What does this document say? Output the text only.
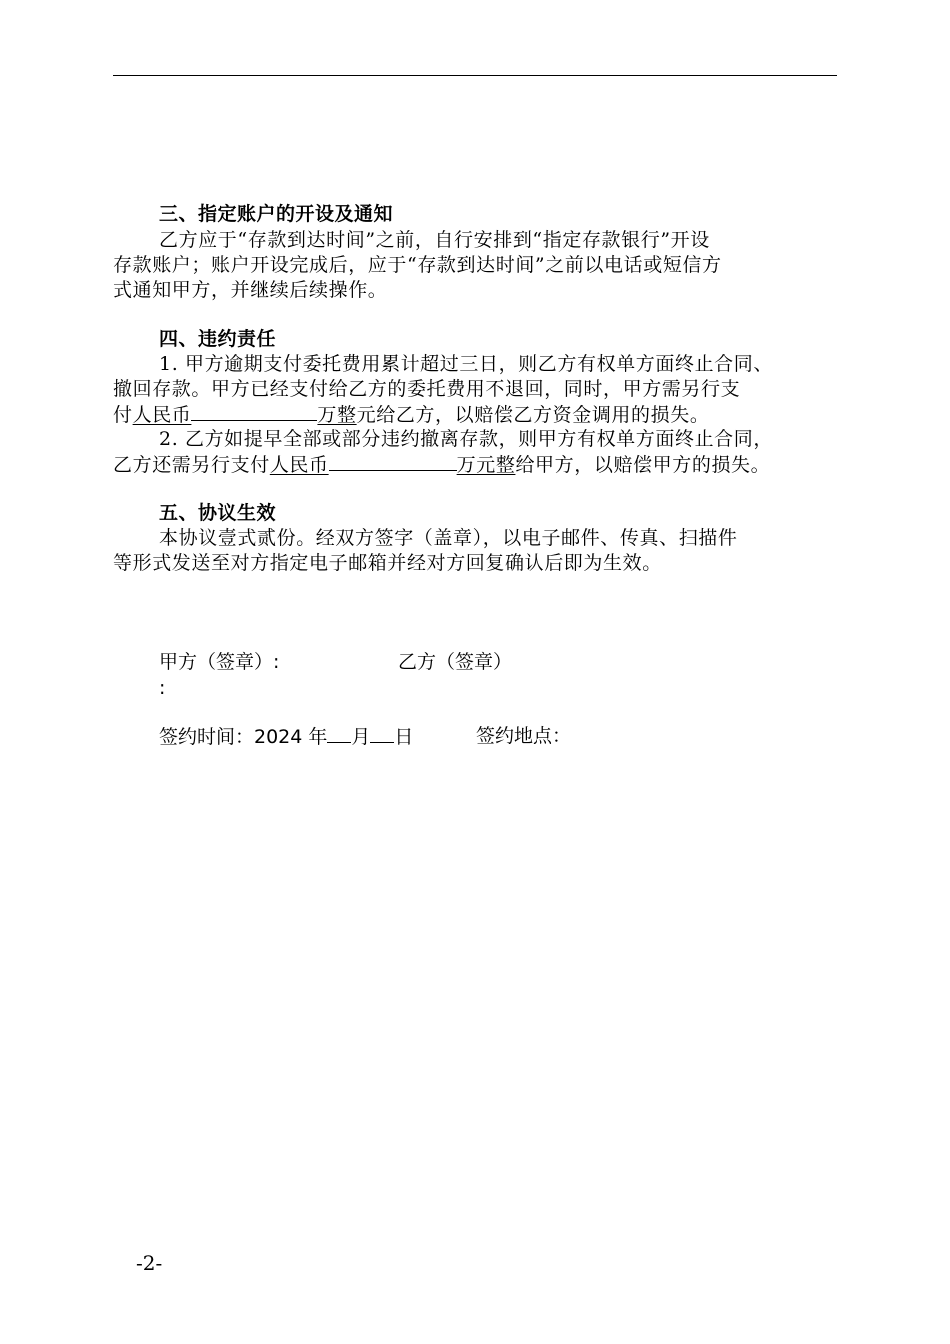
三、指定账户的开设及通知
乙方应于“存款到达时间”之前，自行安排到“指定存款银行”开设
存款账户；账户开设完成后，应于“存款到达时间”之前以电话或短信方
式通知甲方，并继续后续操作。
四、违约责任
1. 甲方逾期支付委托费用累计超过三日，则乙方有权单方面终止合同、
撤回存款。甲方已经支付给乙方的委托费用不退回，同时，甲方需另行支
付人民币	万整元给乙方，以赔偿乙方资金调用的损失。
2. 乙方如提早全部或部分违约撤离存款，则甲方有权单方面终止合同，
乙方还需另行支付人民币	万元整给甲方，以赔偿甲方的损失。
五、协议生效
本协议壹式贰份。经双方签字（盖章），以电子邮件、传真、扫描件
等形式发送至对方指定电子邮箱并经对方回复确认后即为生效。
甲方（签章）:	乙方（签章）
:
签约时间：2024 年 月 日	签约地点：
-2-
